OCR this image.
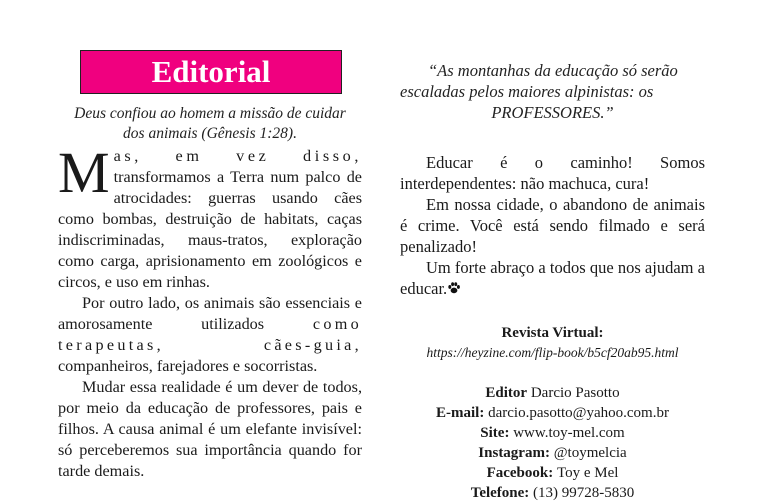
Editorial
Deus confiou ao homem a missão de cuidar
dos animais (Gênesis 1:28).

Mas, em vez disso, transformamos a Terra num palco de atrocidades: guerras usando cães como bombas, destruição de habitats, caças indiscriminadas, maus-tratos, exploração como carga, aprisionamento em zoológicos e circos, e uso em rinhas.

Por outro lado, os animais são essenciais e amorosamente utilizados	como terapeutas, cães-guia, companheiros, farejadores e socorristas.

Mudar essa realidade é um dever de todos, por meio da educação de professores, pais e filhos. A causa animal é um elefante invisível: só perceberemos sua importância quando for tarde demais.

“As montanhas da educação só serão
escaladas pelos maiores alpinistas: os
PROFESSORES.”

Educar é o caminho! Somos interdependentes: não machuca, cura!

Em nossa cidade, o abandono de animais é crime. Você está sendo filmado e será penalizado!

Um forte abraço a todos que nos ajudam a educar.

Revista Virtual:
https://heyzine.com/flip-book/b5cf20ab95.html
Editor Darcio Pasotto
E-mail: darcio.pasotto@yahoo.com.br
Site: www.toy-mel.com
Instagram: @toymelcia
Facebook: Toy e Mel
Telefone: (13) 99728-5830
